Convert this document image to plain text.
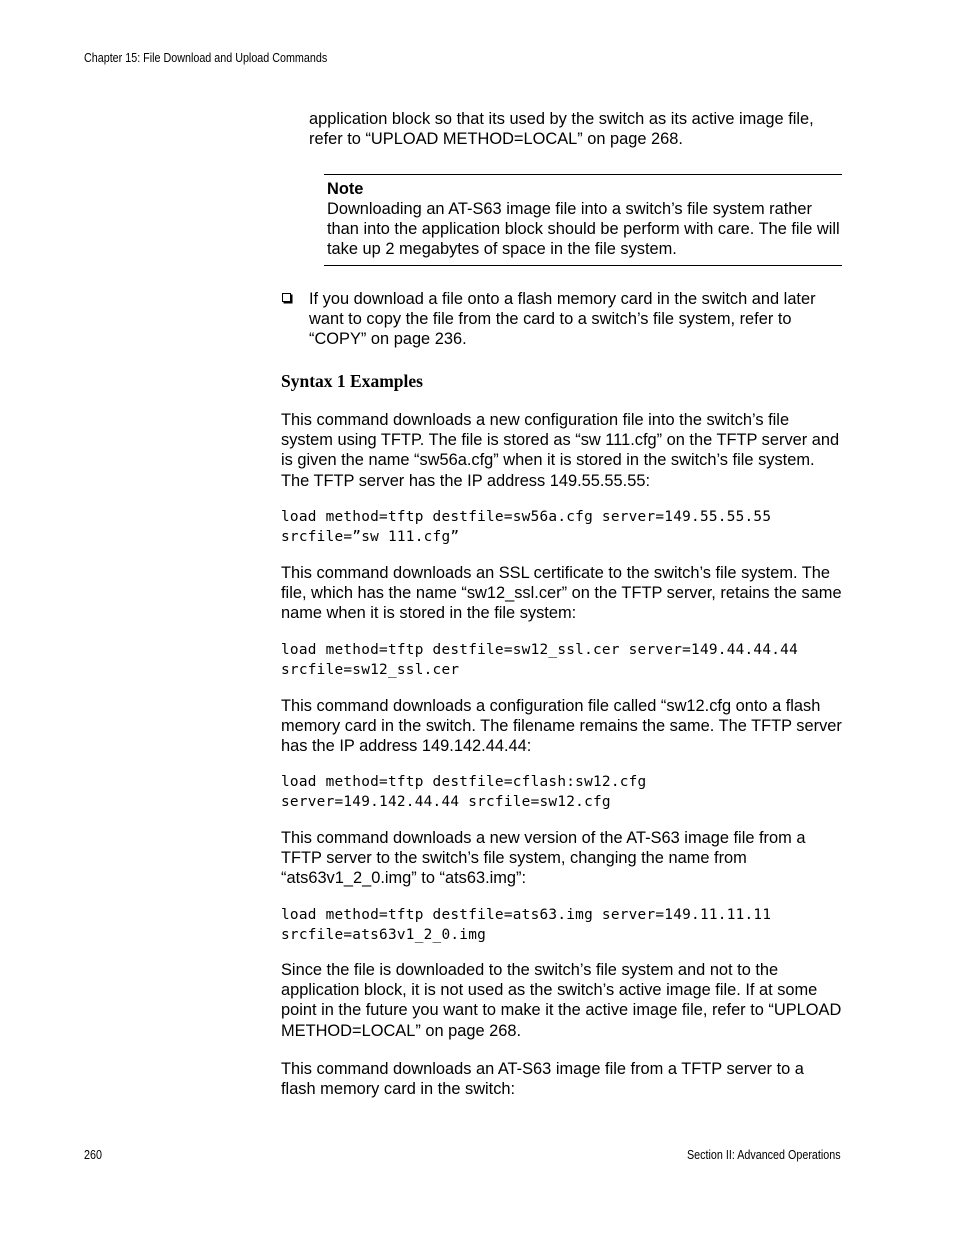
Chapter 15: File Download and Upload Commands

application block so that its used by the switch as its active image file, refer to “UPLOAD METHOD=LOCAL” on page 268.

Note

Downloading an AT-S63 image file into a switch’s file system rather than into the application block should be perform with care. The file will take up 2 megabytes of space in the file system.

If you download a file onto a flash memory card in the switch and later want to copy the file from the card to a switch’s file system, refer to “COPY” on page 236.

Syntax 1 Examples

This command downloads a new configuration file into the switch’s file system using TFTP. The file is stored as “sw 111.cfg” on the TFTP server and is given the name “sw56a.cfg” when it is stored in the switch’s file system. The TFTP server has the IP address 149.55.55.55:

load method=tftp destfile=sw56a.cfg server=149.55.55.55
srcfile=”sw 111.cfg”

This command downloads an SSL certificate to the switch’s file system. The file, which has the name “sw12_ssl.cer” on the TFTP server, retains the same name when it is stored in the file system:

load method=tftp destfile=sw12_ssl.cer server=149.44.44.44
srcfile=sw12_ssl.cer

This command downloads a configuration file called “sw12.cfg onto a flash memory card in the switch. The filename remains the same. The TFTP server has the IP address 149.142.44.44:

load method=tftp destfile=cflash:sw12.cfg
server=149.142.44.44 srcfile=sw12.cfg

This command downloads a new version of the AT-S63 image file from a TFTP server to the switch’s file system, changing the name from “ats63v1_2_0.img” to “ats63.img”:

load method=tftp destfile=ats63.img server=149.11.11.11
srcfile=ats63v1_2_0.img

Since the file is downloaded to the switch’s file system and not to the application block, it is not used as the switch’s active image file. If at some point in the future you want to make it the active image file, refer to “UPLOAD METHOD=LOCAL” on page 268.

This command downloads an AT-S63 image file from a TFTP server to a flash memory card in the switch:

260	Section II: Advanced Operations
